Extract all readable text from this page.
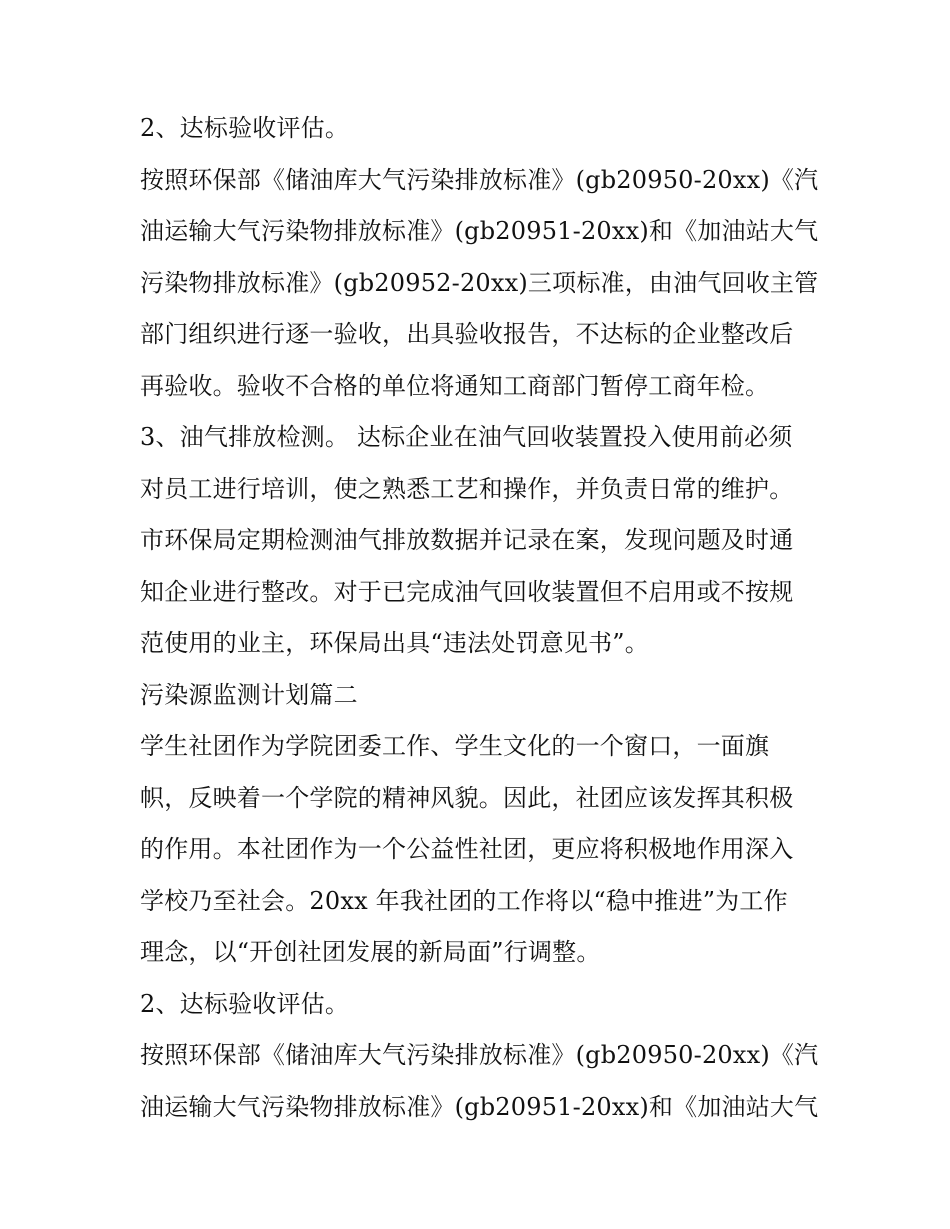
2、达标验收评估。
按照环保部《储油库大气污染排放标准》(gb20950-20xx)《汽
油运输大气污染物排放标准》(gb20951-20xx)和《加油站大气
污染物排放标准》(gb20952-20xx)三项标准，由油气回收主管
部门组织进行逐一验收，出具验收报告，不达标的企业整改后
再验收。验收不合格的单位将通知工商部门暂停工商年检。
3、油气排放检测。 达标企业在油气回收装置投入使用前必须
对员工进行培训，使之熟悉工艺和操作，并负责日常的维护。
市环保局定期检测油气排放数据并记录在案，发现问题及时通
知企业进行整改。对于已完成油气回收装置但不启用或不按规
范使用的业主，环保局出具“违法处罚意见书”。
污染源监测计划篇二
学生社团作为学院团委工作、学生文化的一个窗口，一面旗
帜，反映着一个学院的精神风貌。因此，社团应该发挥其积极
的作用。本社团作为一个公益性社团，更应将积极地作用深入
学校乃至社会。20xx 年我社团的工作将以“稳中推进”为工作
理念，以“开创社团发展的新局面”行调整。
2、达标验收评估。
按照环保部《储油库大气污染排放标准》(gb20950-20xx)《汽
油运输大气污染物排放标准》(gb20951-20xx)和《加油站大气
